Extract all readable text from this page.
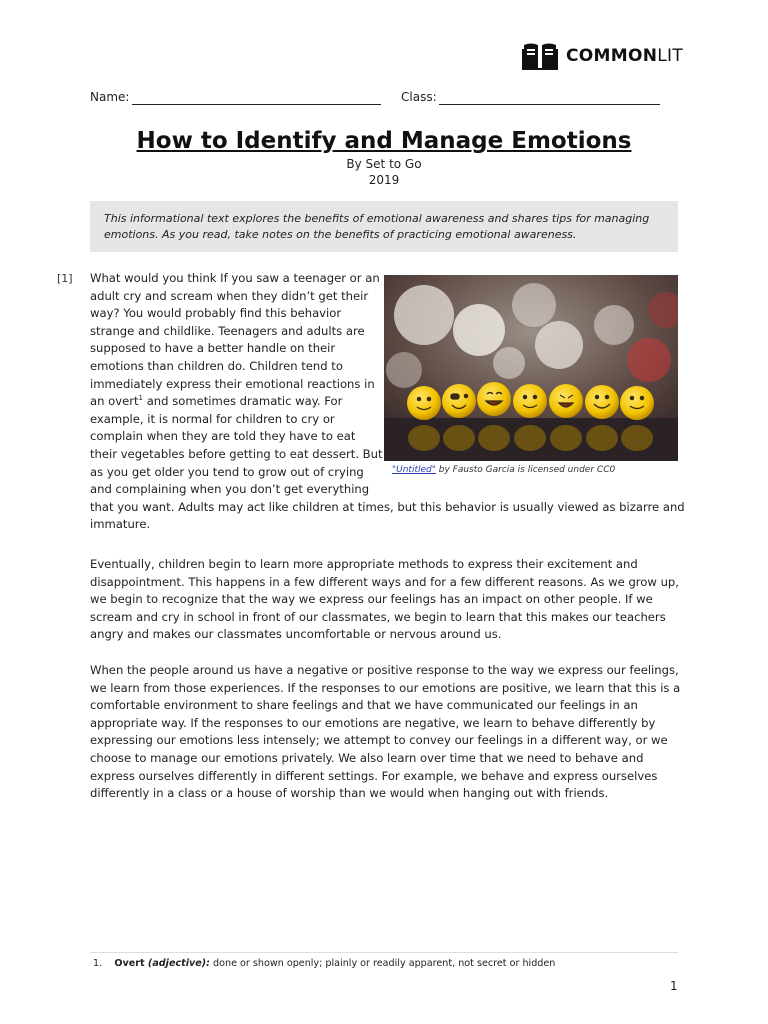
COMMONLIT
Name:	Class:
How to Identify and Manage Emotions
By Set to Go
2019
This informational text explores the benefits of emotional awareness and shares tips for managing
emotions. As you read, take notes on the benefits of practicing emotional awareness.
[1] What would you think If you saw a teenager or an
adult cry and scream when they didn’t get their
way? You would probably find this behavior
strange and childlike. Teenagers and adults are
supposed to have a better handle on their
emotions than children do. Children tend to
immediately express their emotional reactions in
an overt$^1$ and sometimes dramatic way. For
example, it is normal for children to cry or
complain when they are told they have to eat
their vegetables before getting to eat dessert. But
as you get older you tend to grow out of crying
and complaining when you don’t get everything
that you want. Adults may act like children at times, but this behavior is usually viewed as bizarre and
immature.
"Untitled" by Fausto Garcia is licensed under CC0
Eventually, children begin to learn more appropriate methods to express their excitement and
disappointment. This happens in a few different ways and for a few different reasons. As we grow up,
we begin to recognize that the way we express our feelings has an impact on other people. If we
scream and cry in school in front of our classmates, we begin to learn that this makes our teachers
angry and makes our classmates uncomfortable or nervous around us.
When the people around us have a negative or positive response to the way we express our feelings,
we learn from those experiences. If the responses to our emotions are positive, we learn that this is a
comfortable environment to share feelings and that we have communicated our feelings in an
appropriate way. If the responses to our emotions are negative, we learn to behave differently by
expressing our emotions less intensely; we attempt to convey our feelings in a different way, or we
choose to manage our emotions privately. We also learn over time that we need to behave and
express ourselves differently in different settings. For example, we behave and express ourselves
differently in a class or a house of worship than we would when hanging out with friends.
1. Overt (adjective): done or shown openly; plainly or readily apparent, not secret or hidden
1
